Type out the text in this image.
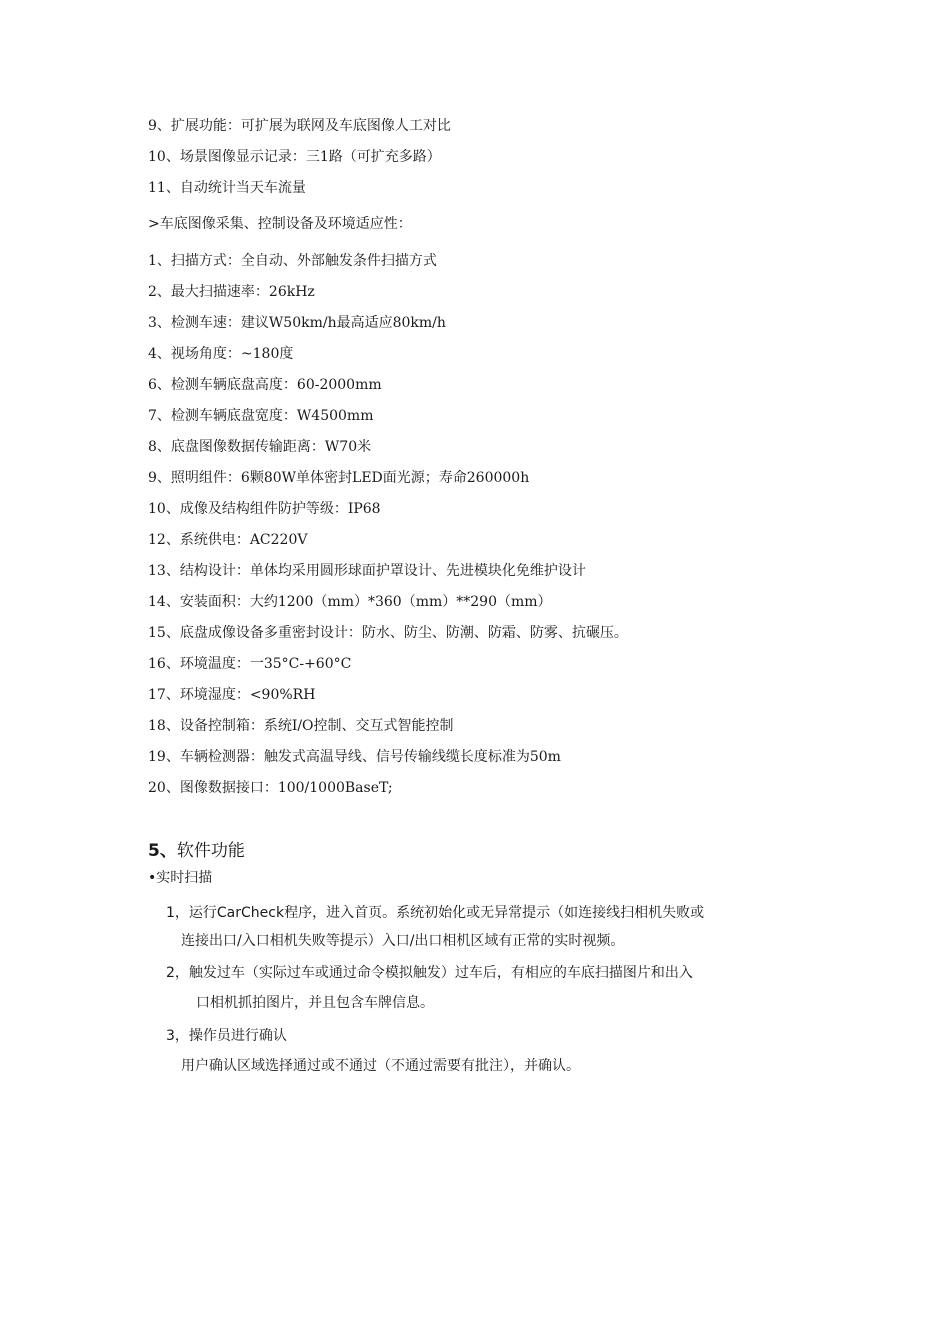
9、扩展功能：可扩展为联网及车底图像人工对比
10、场景图像显示记录：三1路（可扩充多路）
11、自动统计当天车流量
>车底图像采集、控制设备及环境适应性：
1、扫描方式：全自动、外部触发条件扫描方式
2、最大扫描速率：26kHz
3、检测车速：建议W50km/h最高适应80km/h
4、视场角度：~180度
6、检测车辆底盘高度：60-2000mm
7、检测车辆底盘宽度：W4500mm
8、底盘图像数据传输距离：W70米
9、照明组件：6颗80W单体密封LED面光源；寿命260000h
10、成像及结构组件防护等级：IP68
12、系统供电：AC220V
13、结构设计：单体均采用圆形球面护罩设计、先进模块化免维护设计
14、安装面积：大约1200（mm）*360（mm）**290（mm）
15、底盘成像设备多重密封设计：防水、防尘、防潮、防霜、防雾、抗碾压。
16、环境温度：一35°C-+60°C
17、环境湿度：<90%RH
18、设备控制箱：系统I/O控制、交互式智能控制
19、车辆检测器：触发式高温导线、信号传输线缆长度标准为50m
20、图像数据接口：100/1000BaseT;
5、软件功能
•实时扫描
1，运行CarCheck程序，进入首页。系统初始化或无异常提示（如连接线扫相机失败或
连接出口/入口相机失败等提示）入口/出口相机区域有正常的实时视频。
2，触发过车（实际过车或通过命令模拟触发）过车后，有相应的车底扫描图片和出入
口相机抓拍图片，并且包含车牌信息。
3，操作员进行确认
用户确认区域选择通过或不通过（不通过需要有批注），并确认。
